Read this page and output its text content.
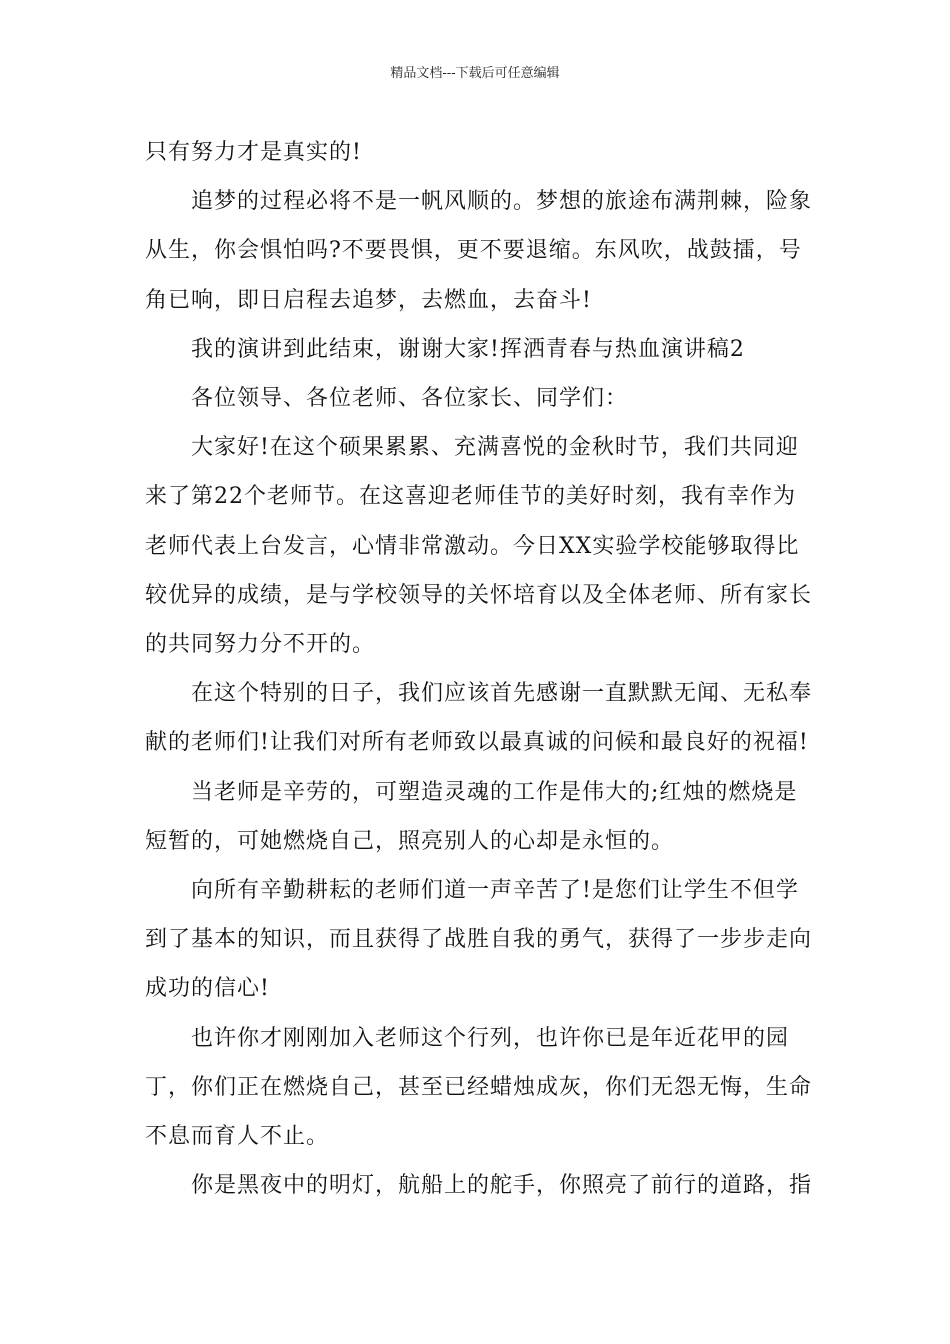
精品文档---下载后可任意编辑

只有努力才是真实的!

追梦的过程必将不是一帆风顺的。梦想的旅途布满荆棘，险象从生，你会惧怕吗?不要畏惧，更不要退缩。东风吹，战鼓擂，号角已响，即日启程去追梦，去燃血，去奋斗!

我的演讲到此结束，谢谢大家!挥洒青春与热血演讲稿2

各位领导、各位老师、各位家长、同学们：

大家好!在这个硕果累累、充满喜悦的金秋时节，我们共同迎来了第22个老师节。在这喜迎老师佳节的美好时刻，我有幸作为老师代表上台发言，心情非常激动。今日XX实验学校能够取得比较优异的成绩，是与学校领导的关怀培育以及全体老师、所有家长的共同努力分不开的。

在这个特别的日子，我们应该首先感谢一直默默无闻、无私奉献的老师们!让我们对所有老师致以最真诚的问候和最良好的祝福!

当老师是辛劳的，可塑造灵魂的工作是伟大的;红烛的燃烧是短暂的，可她燃烧自己，照亮别人的心却是永恒的。

向所有辛勤耕耘的老师们道一声辛苦了!是您们让学生不但学到了基本的知识，而且获得了战胜自我的勇气，获得了一步步走向成功的信心!

也许你才刚刚加入老师这个行列，也许你已是年近花甲的园丁，你们正在燃烧自己，甚至已经蜡烛成灰，你们无怨无悔，生命不息而育人不止。

你是黑夜中的明灯，航船上的舵手，你照亮了前行的道路，指
